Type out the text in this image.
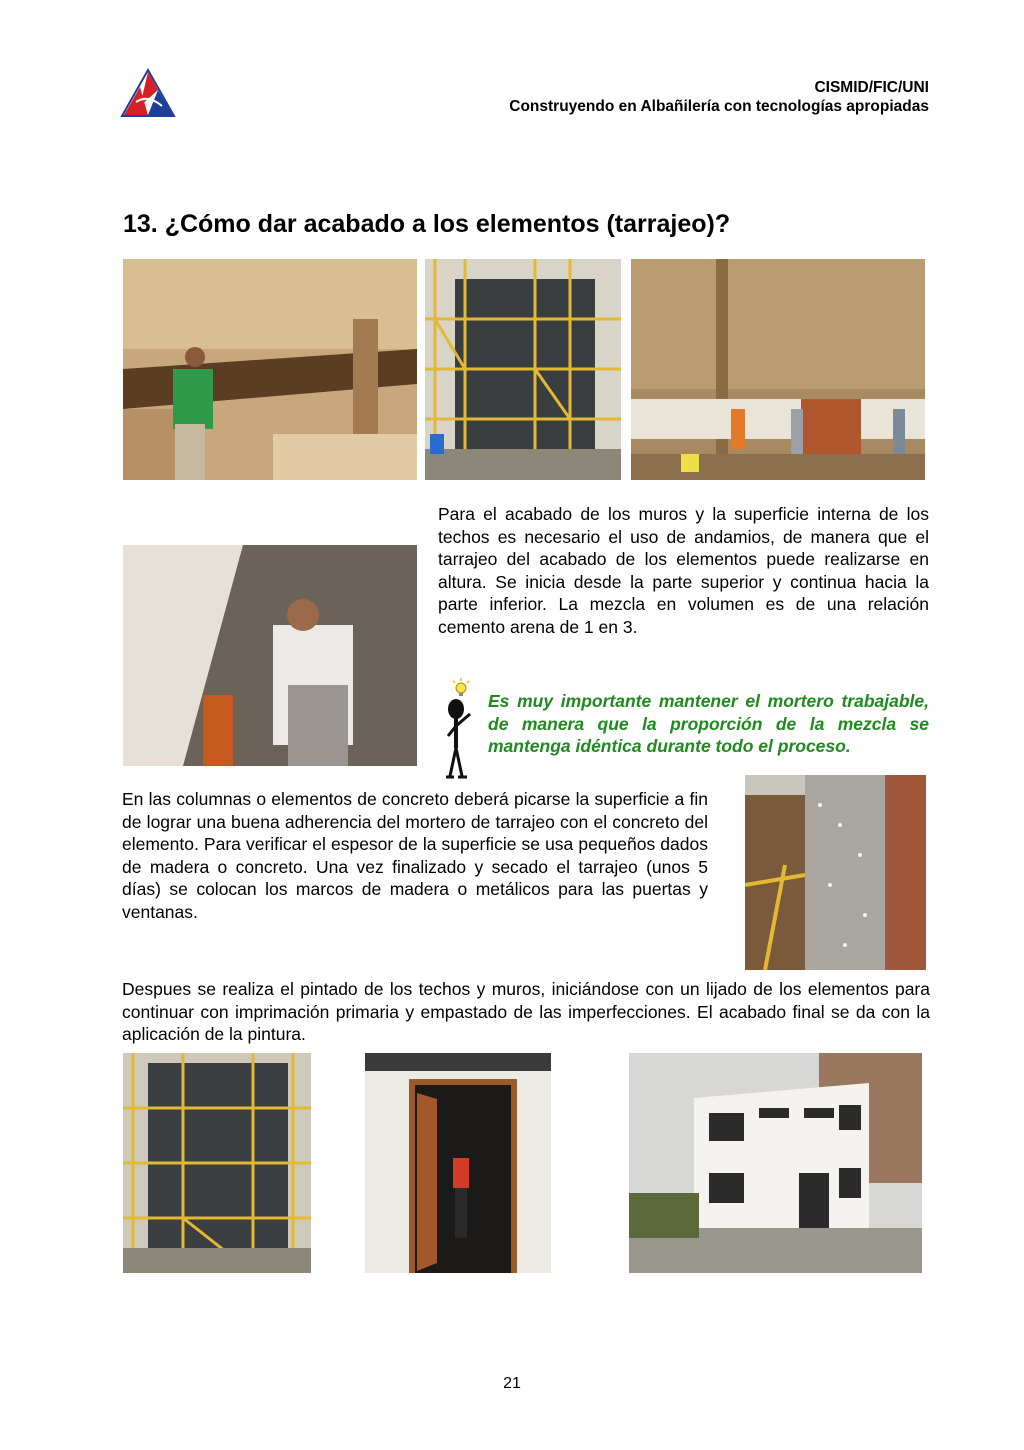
CISMID/FIC/UNI
Construyendo en Albañilería con tecnologías apropiadas
13. ¿Cómo dar acabado a los elementos (tarrajeo)?
Para el acabado de los muros y la superficie interna de los techos es necesario el uso de andamios, de manera que el tarrajeo del acabado de los elementos puede realizarse en altura. Se inicia desde la parte superior y continua hacia la parte inferior. La mezcla en volumen es de una relación cemento arena de 1 en 3.
Es muy importante mantener el mortero trabajable, de manera que la proporción de la mezcla se mantenga idéntica durante todo el proceso.
En las columnas o elementos de concreto deberá picarse la superficie a fin de lograr una buena adherencia del mortero de tarrajeo con el concreto del elemento. Para verificar el espesor de la superficie se usa pequeños dados de madera o concreto. Una vez finalizado y secado el tarrajeo (unos 5 días) se colocan los marcos de madera o metálicos para las puertas y ventanas.
Despues se realiza el pintado de los techos y muros, iniciándose con un lijado de los elementos para continuar con imprimación primaria y empastado de las imperfecciones. El acabado final se da con la aplicación de la pintura.
21
